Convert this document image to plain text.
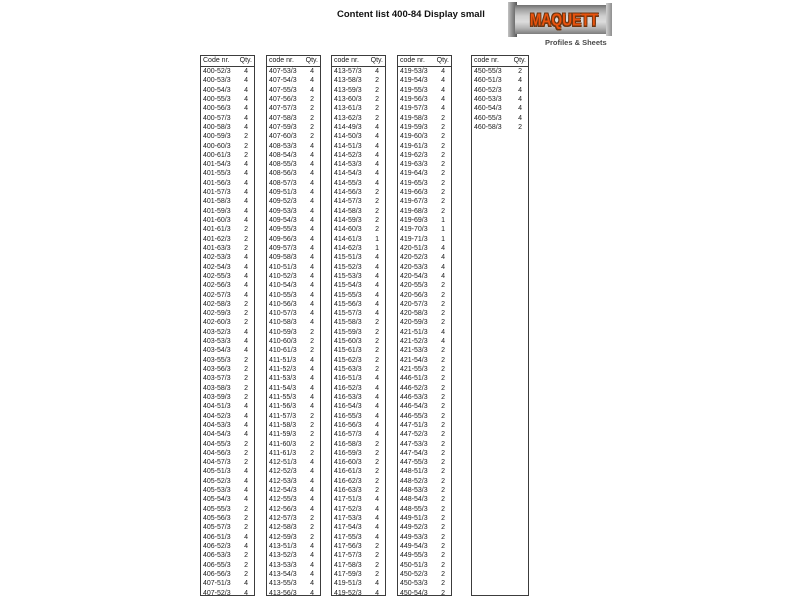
Content list 400-84 Display small	MAQUETT
Profiles & Sheets
Code nr.	Qty.
400-52/3	4
400-53/3	4
400-54/3	4
400-55/3	4
400-56/3	4
400-57/3	4
400-58/3	4
400-59/3	2
400-60/3	2
400-61/3	2
401-54/3	4
401-55/3	4
401-56/3	4
401-57/3	4
401-58/3	4
401-59/3	4
401-60/3	4
401-61/3	2
401-62/3	2
401-63/3	2
402-53/3	4
402-54/3	4
402-55/3	4
402-56/3	4
402-57/3	4
402-58/3	2
402-59/3	2
402-60/3	2
403-52/3	4
403-53/3	4
403-54/3	4
403-55/3	2
403-56/3	2
403-57/3	2
403-58/3	2
403-59/3	2
404-51/3	4
404-52/3	4
404-53/3	4
404-54/3	4
404-55/3	2
404-56/3	2
404-57/3	2
405-51/3	4
405-52/3	4
405-53/3	4
405-54/3	4
405-55/3	2
405-56/3	2
405-57/3	2
406-51/3	4
406-52/3	4
406-53/3	2
406-55/3	2
406-56/3	2
407-51/3	4
407-52/3	4
code nr.	Qty.
407-53/3	4
407-54/3	4
407-55/3	4
407-56/3	2
407-57/3	2
407-58/3	2
407-59/3	2
407-60/3	2
408-53/3	4
408-54/3	4
408-55/3	4
408-56/3	4
408-57/3	4
409-51/3	4
409-52/3	4
409-53/3	4
409-54/3	4
409-55/3	4
409-56/3	4
409-57/3	4
409-58/3	4
410-51/3	4
410-52/3	4
410-54/3	4
410-55/3	4
410-56/3	4
410-57/3	4
410-58/3	4
410-59/3	2
410-60/3	2
410-61/3	2
411-51/3	4
411-52/3	4
411-53/3	4
411-54/3	4
411-55/3	4
411-56/3	4
411-57/3	2
411-58/3	2
411-59/3	2
411-60/3	2
411-61/3	2
412-51/3	4
412-52/3	4
412-53/3	4
412-54/3	4
412-55/3	4
412-56/3	4
412-57/3	2
412-58/3	2
412-59/3	2
413-51/3	4
413-52/3	4
413-53/3	4
413-54/3	4
413-55/3	4
413-56/3	4
code nr.	Qty.
413-57/3	4
413-58/3	2
413-59/3	2
413-60/3	2
413-61/3	2
413-62/3	2
414-49/3	4
414-50/3	4
414-51/3	4
414-52/3	4
414-53/3	4
414-54/3	4
414-55/3	4
414-56/3	2
414-57/3	2
414-58/3	2
414-59/3	2
414-60/3	2
414-61/3	1
414-62/3	1
415-51/3	4
415-52/3	4
415-53/3	4
415-54/3	4
415-55/3	4
415-56/3	4
415-57/3	4
415-58/3	2
415-59/3	2
415-60/3	2
415-61/3	2
415-62/3	2
415-63/3	2
416-51/3	4
416-52/3	4
416-53/3	4
416-54/3	4
416-55/3	4
416-56/3	4
416-57/3	4
416-58/3	2
416-59/3	2
416-60/3	2
416-61/3	2
416-62/3	2
416-63/3	2
417-51/3	4
417-52/3	4
417-53/3	4
417-54/3	4
417-55/3	4
417-56/3	2
417-57/3	2
417-58/3	2
417-59/3	2
419-51/3	4
419-52/3	4
code nr.	Qty.
419-53/3	4
419-54/3	4
419-55/3	4
419-56/3	4
419-57/3	4
419-58/3	2
419-59/3	2
419-60/3	2
419-61/3	2
419-62/3	2
419-63/3	2
419-64/3	2
419-65/3	2
419-66/3	2
419-67/3	2
419-68/3	2
419-69/3	1
419-70/3	1
419-71/3	1
420-51/3	4
420-52/3	4
420-53/3	4
420-54/3	4
420-55/3	2
420-56/3	2
420-57/3	2
420-58/3	2
420-59/3	2
421-51/3	4
421-52/3	4
421-53/3	2
421-54/3	2
421-55/3	2
446-51/3	2
446-52/3	2
446-53/3	2
446-54/3	2
446-55/3	2
447-51/3	2
447-52/3	2
447-53/3	2
447-54/3	2
447-55/3	2
448-51/3	2
448-52/3	2
448-53/3	2
448-54/3	2
448-55/3	2
449-51/3	2
449-52/3	2
449-53/3	2
449-54/3	2
449-55/3	2
450-51/3	2
450-52/3	2
450-53/3	2
450-54/3	2
code nr.	Qty.
450-55/3	2
460-51/3	4
460-52/3	4
460-53/3	4
460-54/3	4
460-55/3	4
460-58/3	2
